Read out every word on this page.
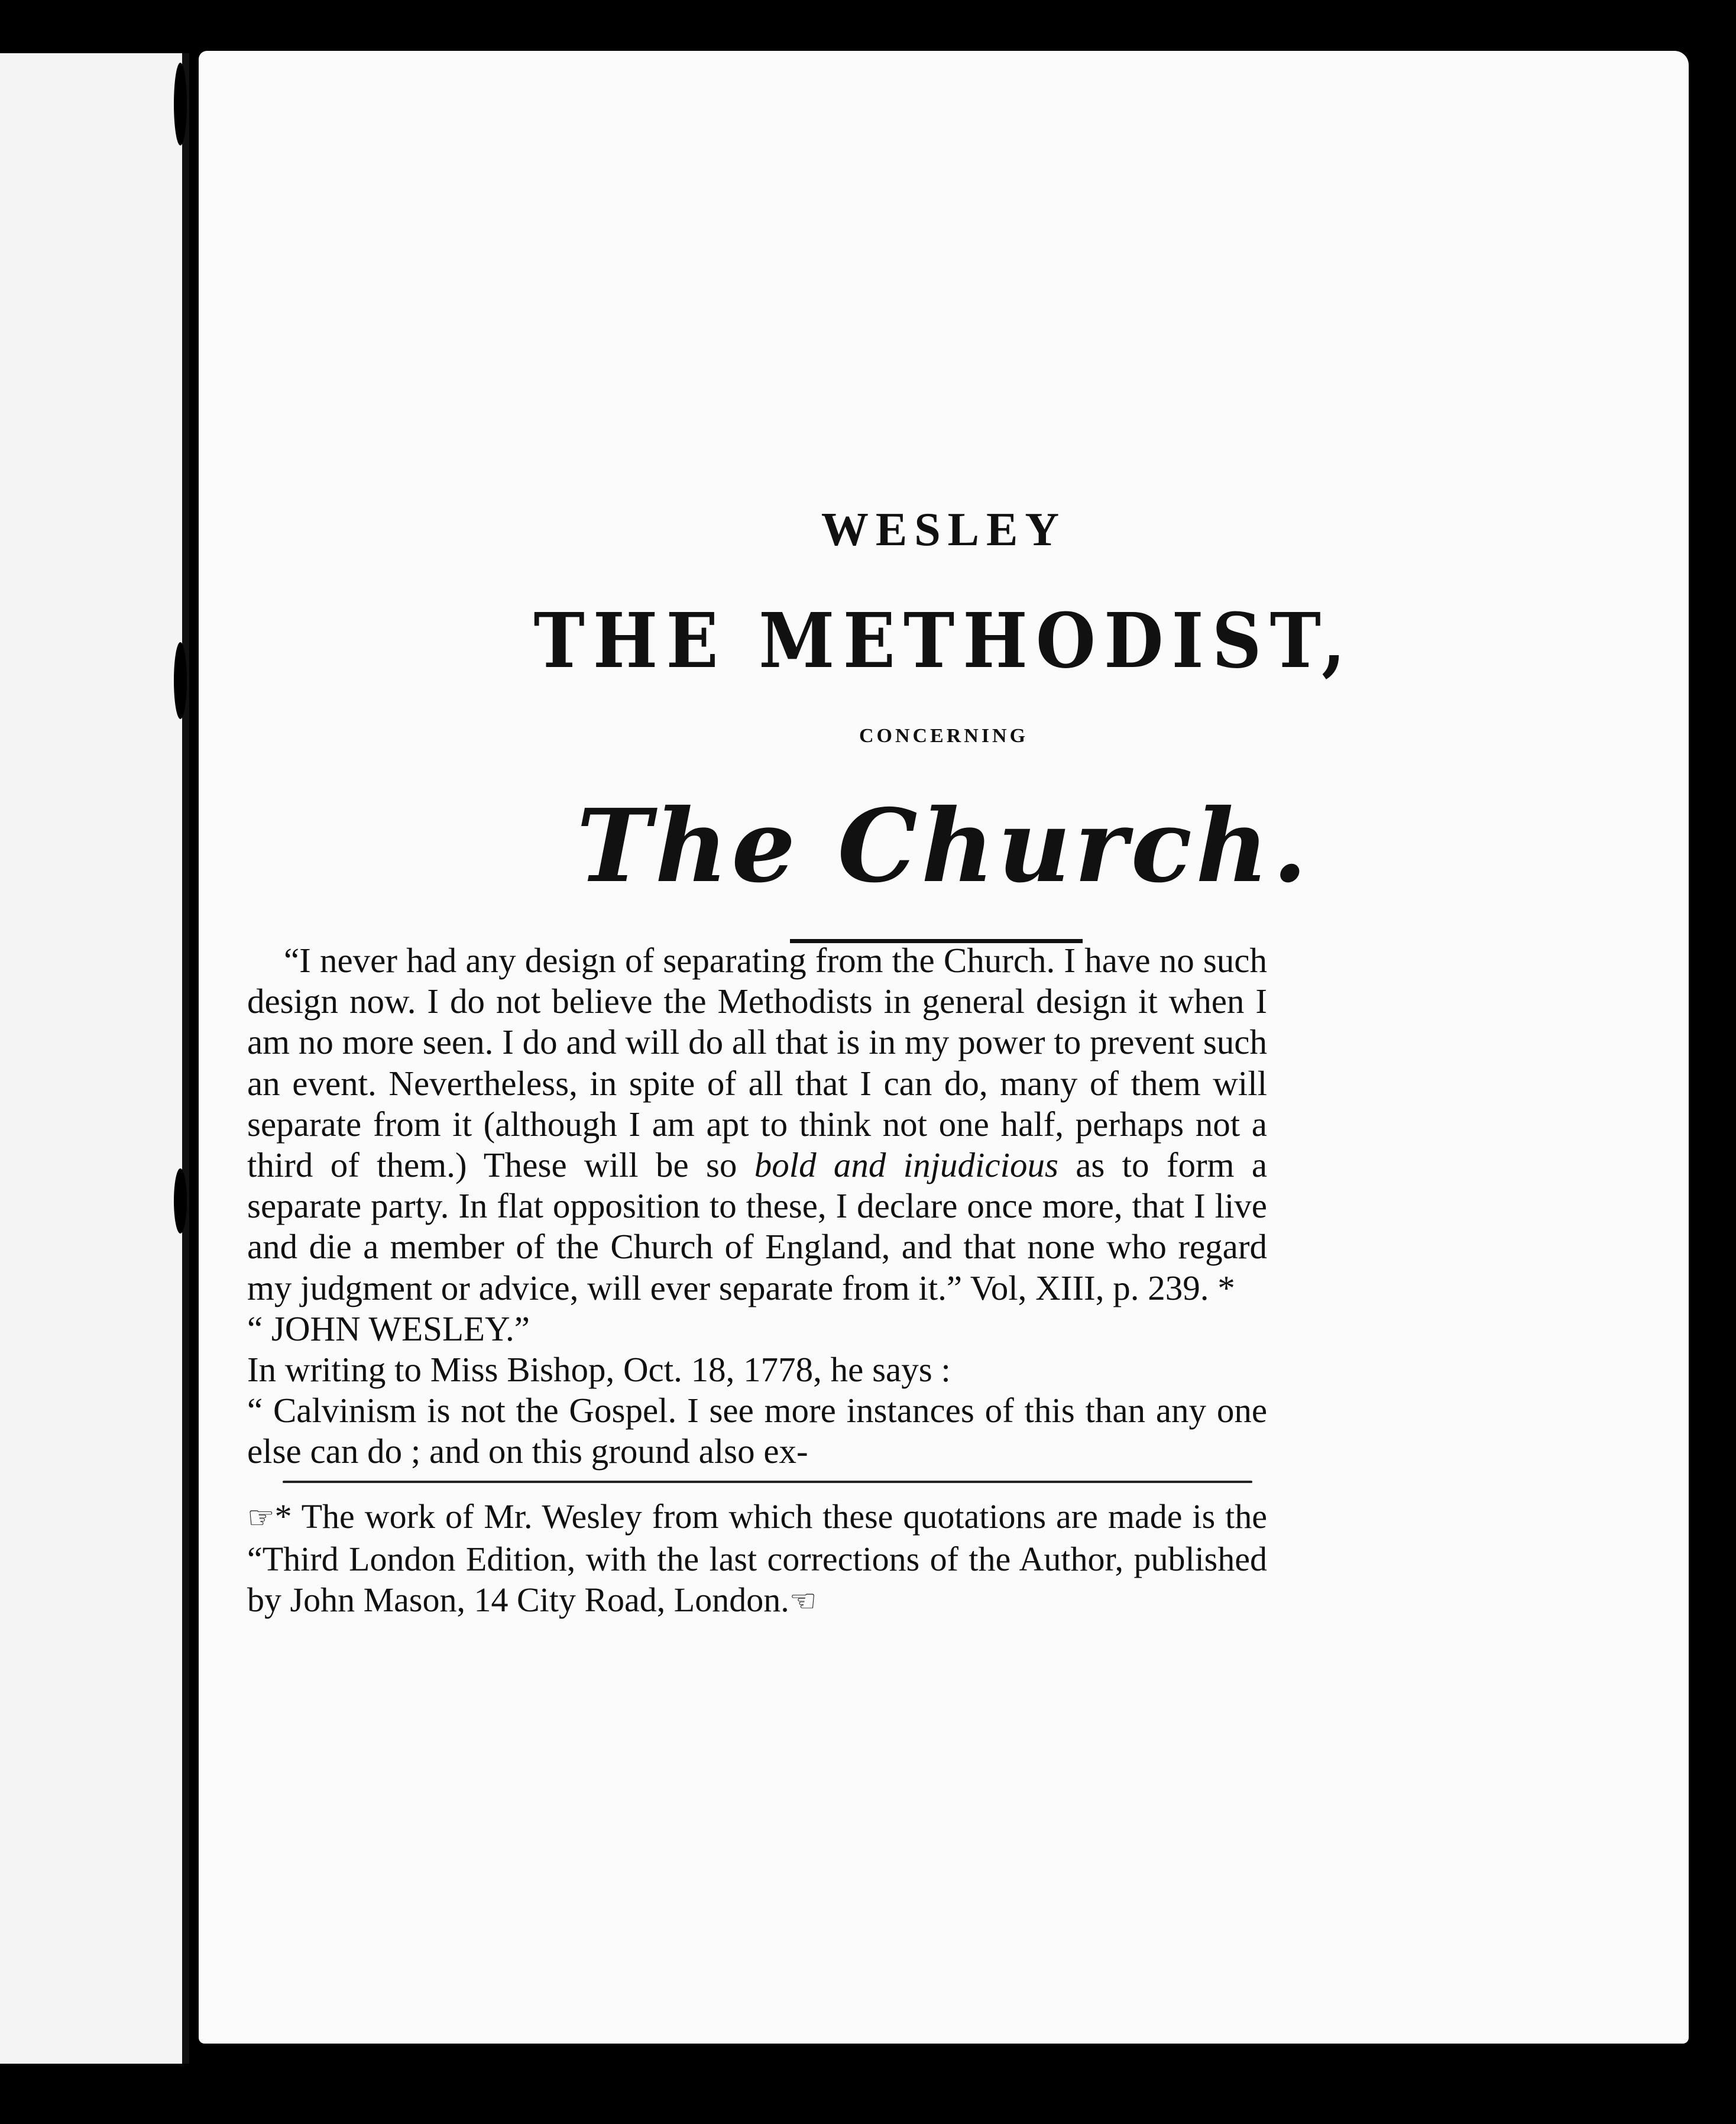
WESLEY
THE METHODIST,
CONCERNING
The Church.

“I never had any design of separating from the Church. I have no such design now. I do not believe the Methodists in general design it when I am no more seen. I do and will do all that is in my power to prevent such an event. Nevertheless, in spite of all that I can do, many of them will separate from it (although I am apt to think not one half, perhaps not a third of them.) These will be so bold and injudicious as to form a separate party. In flat opposition to these, I declare once more, that I live and die a member of the Church of England, and that none who regard my judgment or advice, will ever separate from it.” Vol, XIII, p. 239. *

“ JOHN WESLEY.”

In writing to Miss Bishop, Oct. 18, 1778, he says :

“ Calvinism is not the Gospel. I see more instances of this than any one else can do ; and on this ground also ex-

☞* The work of Mr. Wesley from which these quotations are made is the “Third London Edition, with the last corrections of the Author, published by John Mason, 14 City Road, London.☜
